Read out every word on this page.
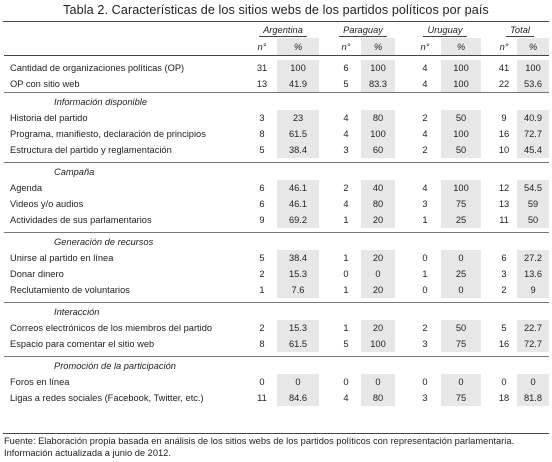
Tabla 2. Características de los sitios webs de los partidos políticos por país
	Argentina			Paraguay			Uruguay			Total	
	n°	%		n°	%		n°	%		n°	%

Cantidad de organizaciones políticas (OP)	31	100		6	100		4	100		41	100
OP con sitio web	13	41.9		5	83.3		4	100		22	53.6
Información disponible											
Historia del partido	3	23		4	80		2	50		9	40.9
Programa, manifiesto, declaración de principios	8	61.5		4	100		4	100		16	72.7
Estructura del partido y reglamentación	5	38.4		3	60		2	50		10	45.4

Campaña											
Agenda	6	46.1		2	40		4	100		12	54.5
Videos y/o audios	6	46.1		4	80		3	75		13	59
Actividades de sus parlamentarios	9	69.2		1	20		1	25		11	50

Generación de recursos											
Unirse al partido en línea	5	38.4		1	20		0	0		6	27.2
Donar dinero	2	15.3		0	0		1	25		3	13.6
Reclutamiento de voluntarios	1	7.6		1	20		0	0		2	9

Interacción											
Correos electrónicos de los miembros del partido	2	15.3		1	20		2	50		5	22.7
Espacio para comentar el sitio web	8	61.5		5	100		3	75		16	72.7

Promoción de la participación											
Foros en línea	0	0		0	0		0	0		0	0
Ligas a redes sociales (Facebook, Twitter, etc.)	11	84.6		4	80		3	75		18	81.8
Fuente: Elaboración propia basada en análisis de los sitios webs de los partidos políticos con representación parlamentaria. Información actualizada a junio de 2012.
